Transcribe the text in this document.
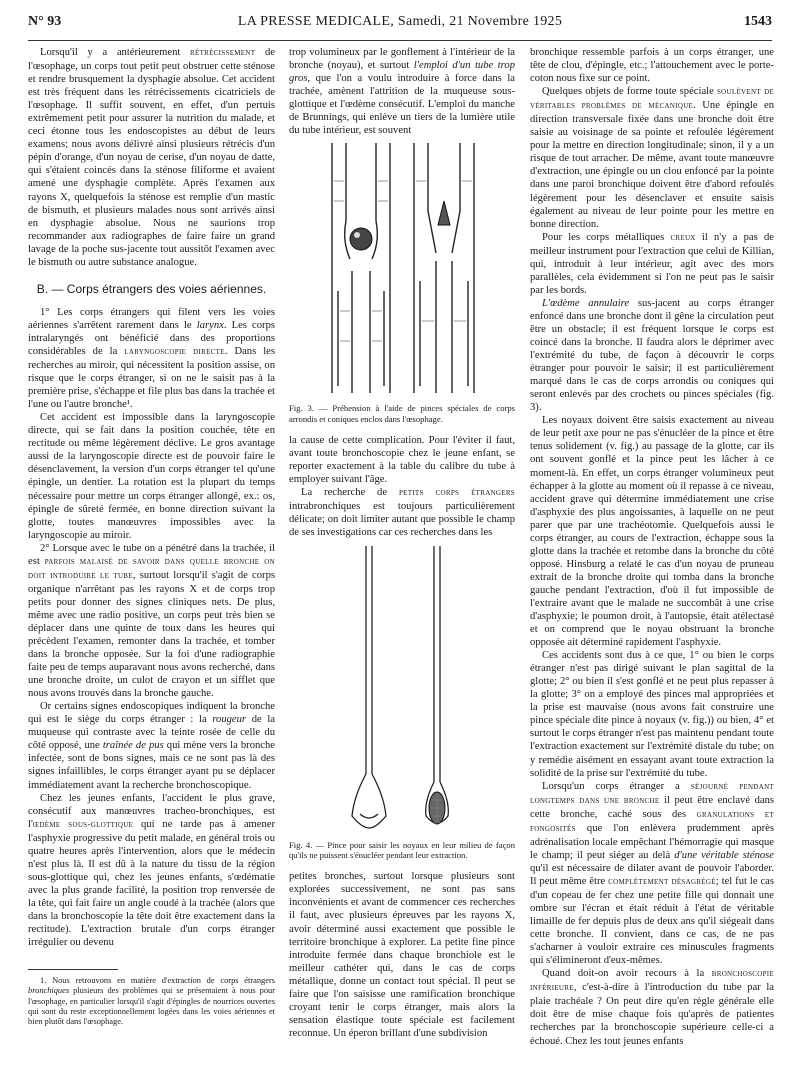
N° 93	LA PRESSE MEDICALE, Samedi, 21 Novembre 1925	1543

Lorsqu'il y a antérieurement rétrécissement de l'œsophage, un corps tout petit peut obstruer cette sténose et rendre brusquement la dysphagie absolue. Cet accident est très fréquent dans les rétrécissements cicatriciels de l'œsophage. Il suffit souvent, en effet, d'un pertuis extrêmement petit pour assurer la nutrition du malade, et ceci étonne tous les endoscopistes au début de leurs examens; nous avons délivré ainsi plusieurs rétrécis d'un pépin d'orange, d'un noyau de cerise, d'un noyau de datte, qui s'étaient coincés dans la sténose filiforme et avaient amené une dysphagie complète. Après l'examen aux rayons X, quelquefois la sténose est remplie d'un mastic de bismuth, et plusieurs malades nous sont arrivés ainsi en dysphagie absolue. Nous ne saurions trop recommander aux radiographes de faire faire un grand lavage de la poche sus-jacente tout aussitôt l'examen avec le bismuth ou autre substance analogue.

B. — Corps étrangers des voies aériennes.

1° Les corps étrangers qui filent vers les voies aériennes s'arrêtent rarement dans le larynx. Les corps intralaryngés ont bénéficié dans des proportions considérables de la laryngoscopie directe. Dans les recherches au miroir, qui nécessitent la position assise, on risque que le corps étranger, si on ne le saisit pas à la première prise, s'échappe et file plus bas dans la trachée et l'une ou l'autre bronche¹.

Cet accident est impossible dans la laryngoscopie directe, qui se fait dans la position couchée, tête en rectitude ou même légèrement déclive. Le gros avantage aussi de la laryngoscopie directe est de pouvoir faire le désenclavement, la version d'un corps étranger tel qu'une épingle, un dentier. La rotation est la plupart du temps nécessaire pour mettre un corps étranger allongé, ex.: os, épingle de sûreté fermée, en bonne direction suivant la glotte, toutes manœuvres impossibles avec la laryngoscopie au miroir.

2° Lorsque avec le tube on a pénétré dans la trachée, il est parfois malaisé de savoir dans quelle bronche on doit introduire le tube, surtout lorsqu'il s'agit de corps organique n'arrêtant pas les rayons X et de corps trop petits pour donner des signes cliniques nets. De plus, même avec une radio positive, un corps peut très bien se déplacer dans une quinte de toux dans les heures qui précèdent l'examen, remonter dans la trachée, et tomber dans la bronche opposée. Sur la foi d'une radiographie faite peu de temps auparavant nous avons recherché, dans une bronche droite, un culot de crayon et un sifflet que nous avons trouvés dans la bronche gauche.

Or certains signes endoscopiques indiquent la bronche qui est le siège du corps étranger : la rougeur de la muqueuse qui contraste avec la teinte rosée de celle du côté opposé, une traînée de pus qui mène vers la bronche infectée, sont de bons signes, mais ce ne sont pas là des signes infaillibles, le corps étranger ayant pu se déplacer immédiatement avant la recherche bronchoscopique.

Chez les jeunes enfants, l'accident le plus grave, consécutif aux manœuvres tracheo-bronchiques, est l'œdème sous-glottique qui ne tarde pas à amener l'asphyxie progressive du petit malade, en général trois ou quatre heures après l'intervention, alors que le médecin n'est plus là. Il est dû à la nature du tissu de la région sous-glottique qui, chez les jeunes enfants, s'œdématie avec la plus grande facilité, la position trop renversée de la tête, qui fait faire un angle coudé à la trachée (alors que dans la bronchoscopie la tête doit être exactement dans la rectitude). L'extraction brutale d'un corps étranger irrégulier ou devenu

1. Nous retrouvons en matière d'extraction de corps étrangers bronchiques plusieurs des problèmes qui se présentaient à nous pour l'œsophage, en particulier lorsqu'il s'agit d'épingles de nourrices ouvertes qui sont du reste exceptionnellement logées dans les voies aériennes et bien plutôt dans l'œsophage.

trop volumineux par le gonflement à l'intérieur de la bronche (noyau), et surtout l'emploi d'un tube trop gros, que l'on a voulu introduire à force dans la trachée, amènent l'attrition de la muqueuse sous-glottique et l'œdème consécutif. L'emploi du manche de Brunnings, qui enlève un tiers de la lumière utile du tube intérieur, est souvent

Fig. 3. — Préhension à l'aide de pinces spéciales de corps arrondis et coniques enclos dans l'œsophage.

la cause de cette complication. Pour l'éviter il faut, avant toute bronchoscopie chez le jeune enfant, se reporter exactement à la table du calibre du tube à employer suivant l'âge.

La recherche de petits corps étrangers intrabronchiques est toujours particulièrement délicate; on doit limiter autant que possible le champ de ses investigations car ces recherches dans les

Fig. 4. — Pince pour saisir les noyaux en leur milieu de façon qu'ils ne puissent s'énucléer pendant leur extraction.

petites bronches, surtout lorsque plusieurs sont explorées successivement, ne sont pas sans inconvénients et avant de commencer ces recherches il faut, avec plusieurs épreuves par les rayons X, avoir déterminé aussi exactement que possible le territoire bronchique à explorer. La petite fine pince introduite fermée dans chaque bronchiole est le meilleur cathéter qui, dans le cas de corps métallique, donne un contact tout spécial. Il peut se faire que l'on saisisse une ramification bronchique croyant tenir le corps étranger, mais alors la sensation élastique toute spéciale est facilement reconnue. Un éperon brillant d'une subdivision

bronchique ressemble parfois à un corps étranger, une tête de clou, d'épingle, etc.; l'attouchement avec le porte-coton nous fixe sur ce point.

Quelques objets de forme toute spéciale soulèvent de véritables problèmes de mécanique. Une épingle en direction transversale fixée dans une bronche doit être saisie au voisinage de sa pointe et refoulée légèrement pour la mettre en direction longitudinale; sinon, il y a un risque de tout arracher. De même, avant toute manœuvre d'extraction, une épingle ou un clou enfoncé par la pointe dans une paroi bronchique doivent être d'abord refoulés légèrement pour les désenclaver et ensuite saisis également au niveau de leur pointe pour les mettre en bonne direction.

Pour les corps métalliques creux il n'y a pas de meilleur instrument pour l'extraction que celui de Killian, qui, introduit à leur intérieur, agit avec des mors parallèles, cela évidemment si l'on ne peut pas le saisir par les bords.

L'œdème annulaire sus-jacent au corps étranger enfoncé dans une bronche dont il gêne la circulation peut être un obstacle; il est fréquent lorsque le corps est coincé dans la bronche. Il faudra alors le déprimer avec l'extrémité du tube, de façon à découvrir le corps étranger pour pouvoir le saisir; il est particulièrement marqué dans le cas de corps arrondis ou coniques qui seront enlevés par des crochets ou pinces spéciales (fig. 3).

Les noyaux doivent être saisis exactement au niveau de leur petit axe pour ne pas s'énucléer de la pince et être tenus solidement (v. fig.) au passage de la glotte, car ils ont souvent gonflé et la pince peut les lâcher à ce moment-là. En effet, un corps étranger volumineux peut échapper à la glotte au moment où il repasse à ce niveau, accident grave qui détermine immédiatement une crise d'asphyxie des plus angoissantes, à laquelle on ne peut parer que par une trachéotomie. Quelquefois aussi le corps étranger, au cours de l'extraction, échappe sous la glotte dans la trachée et retombe dans la bronche du côté opposé. Hinsburg a relaté le cas d'un noyau de pruneau extrait de la bronche droite qui tomba dans la bronche gauche pendant l'extraction, d'où il fut impossible de l'extraire avant que le malade ne succombât à une crise d'asphyxie; le poumon droit, à l'autopsie, était atélectasé et on comprend que le noyau obstruant la bronche opposée ait déterminé rapidement l'asphyxie.

Ces accidents sont dus à ce que, 1° ou bien le corps étranger n'est pas dirigé suivant le plan sagittal de la glotte; 2° ou bien il s'est gonflé et ne peut plus repasser à la glotte; 3° on a employé des pinces mal appropriées et la prise est mauvaise (nous avons fait construire une pince spéciale dite pince à noyaux (v. fig.)) ou bien, 4° et surtout le corps étranger n'est pas maintenu pendant toute l'extraction exactement sur l'extrémité distale du tube; on y remédie aisément en essayant avant toute extraction la solidité de la prise sur l'extrémité du tube.

Lorsqu'un corps étranger a séjourné pendant longtemps dans une bronche il peut être enclavé dans cette bronche, caché sous des granulations et fongosités que l'on enlèvera prudemment après adrénalisation locale empêchant l'hémorragie qui masque le champ; il peut siéger au delà d'une véritable sténose qu'il est nécessaire de dilater avant de pouvoir l'aborder. Il peut même être complètement désagrégé; tel fut le cas d'un copeau de fer chez une petite fille qui donnait une ombre sur l'écran et était réduit à l'état de véritable limaille de fer depuis plus de deux ans qu'il siégeait dans cette bronche. Il convient, dans ce cas, de ne pas s'acharner à vouloir extraire ces minuscules fragments qui s'élimineront d'eux-mêmes.

Quand doit-on avoir recours à la bronchoscopie inférieure, c'est-à-dire à l'introduction du tube par la plaie trachéale ? On peut dire qu'en règle générale elle doit être de mise chaque fois qu'après de patientes recherches par la bronchoscopie supérieure celle-ci a échoué. Chez les tout jeunes enfants
